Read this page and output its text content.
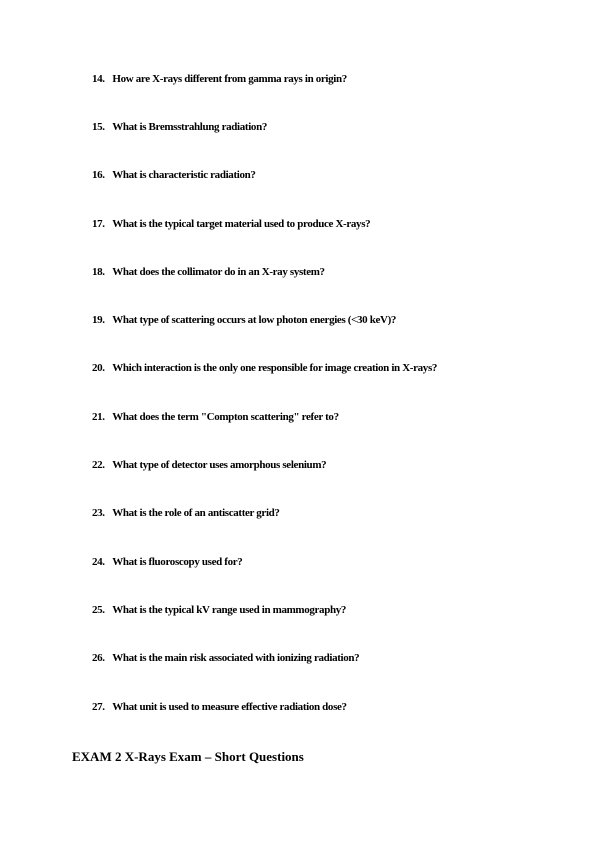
14. How are X-rays different from gamma rays in origin?
15. What is Bremsstrahlung radiation?
16. What is characteristic radiation?
17. What is the typical target material used to produce X-rays?
18. What does the collimator do in an X-ray system?
19. What type of scattering occurs at low photon energies (<30 keV)?
20. Which interaction is the only one responsible for image creation in X-rays?
21. What does the term "Compton scattering" refer to?
22. What type of detector uses amorphous selenium?
23. What is the role of an antiscatter grid?
24. What is fluoroscopy used for?
25. What is the typical kV range used in mammography?
26. What is the main risk associated with ionizing radiation?
27. What unit is used to measure effective radiation dose?
EXAM 2 X-Rays Exam – Short Questions
